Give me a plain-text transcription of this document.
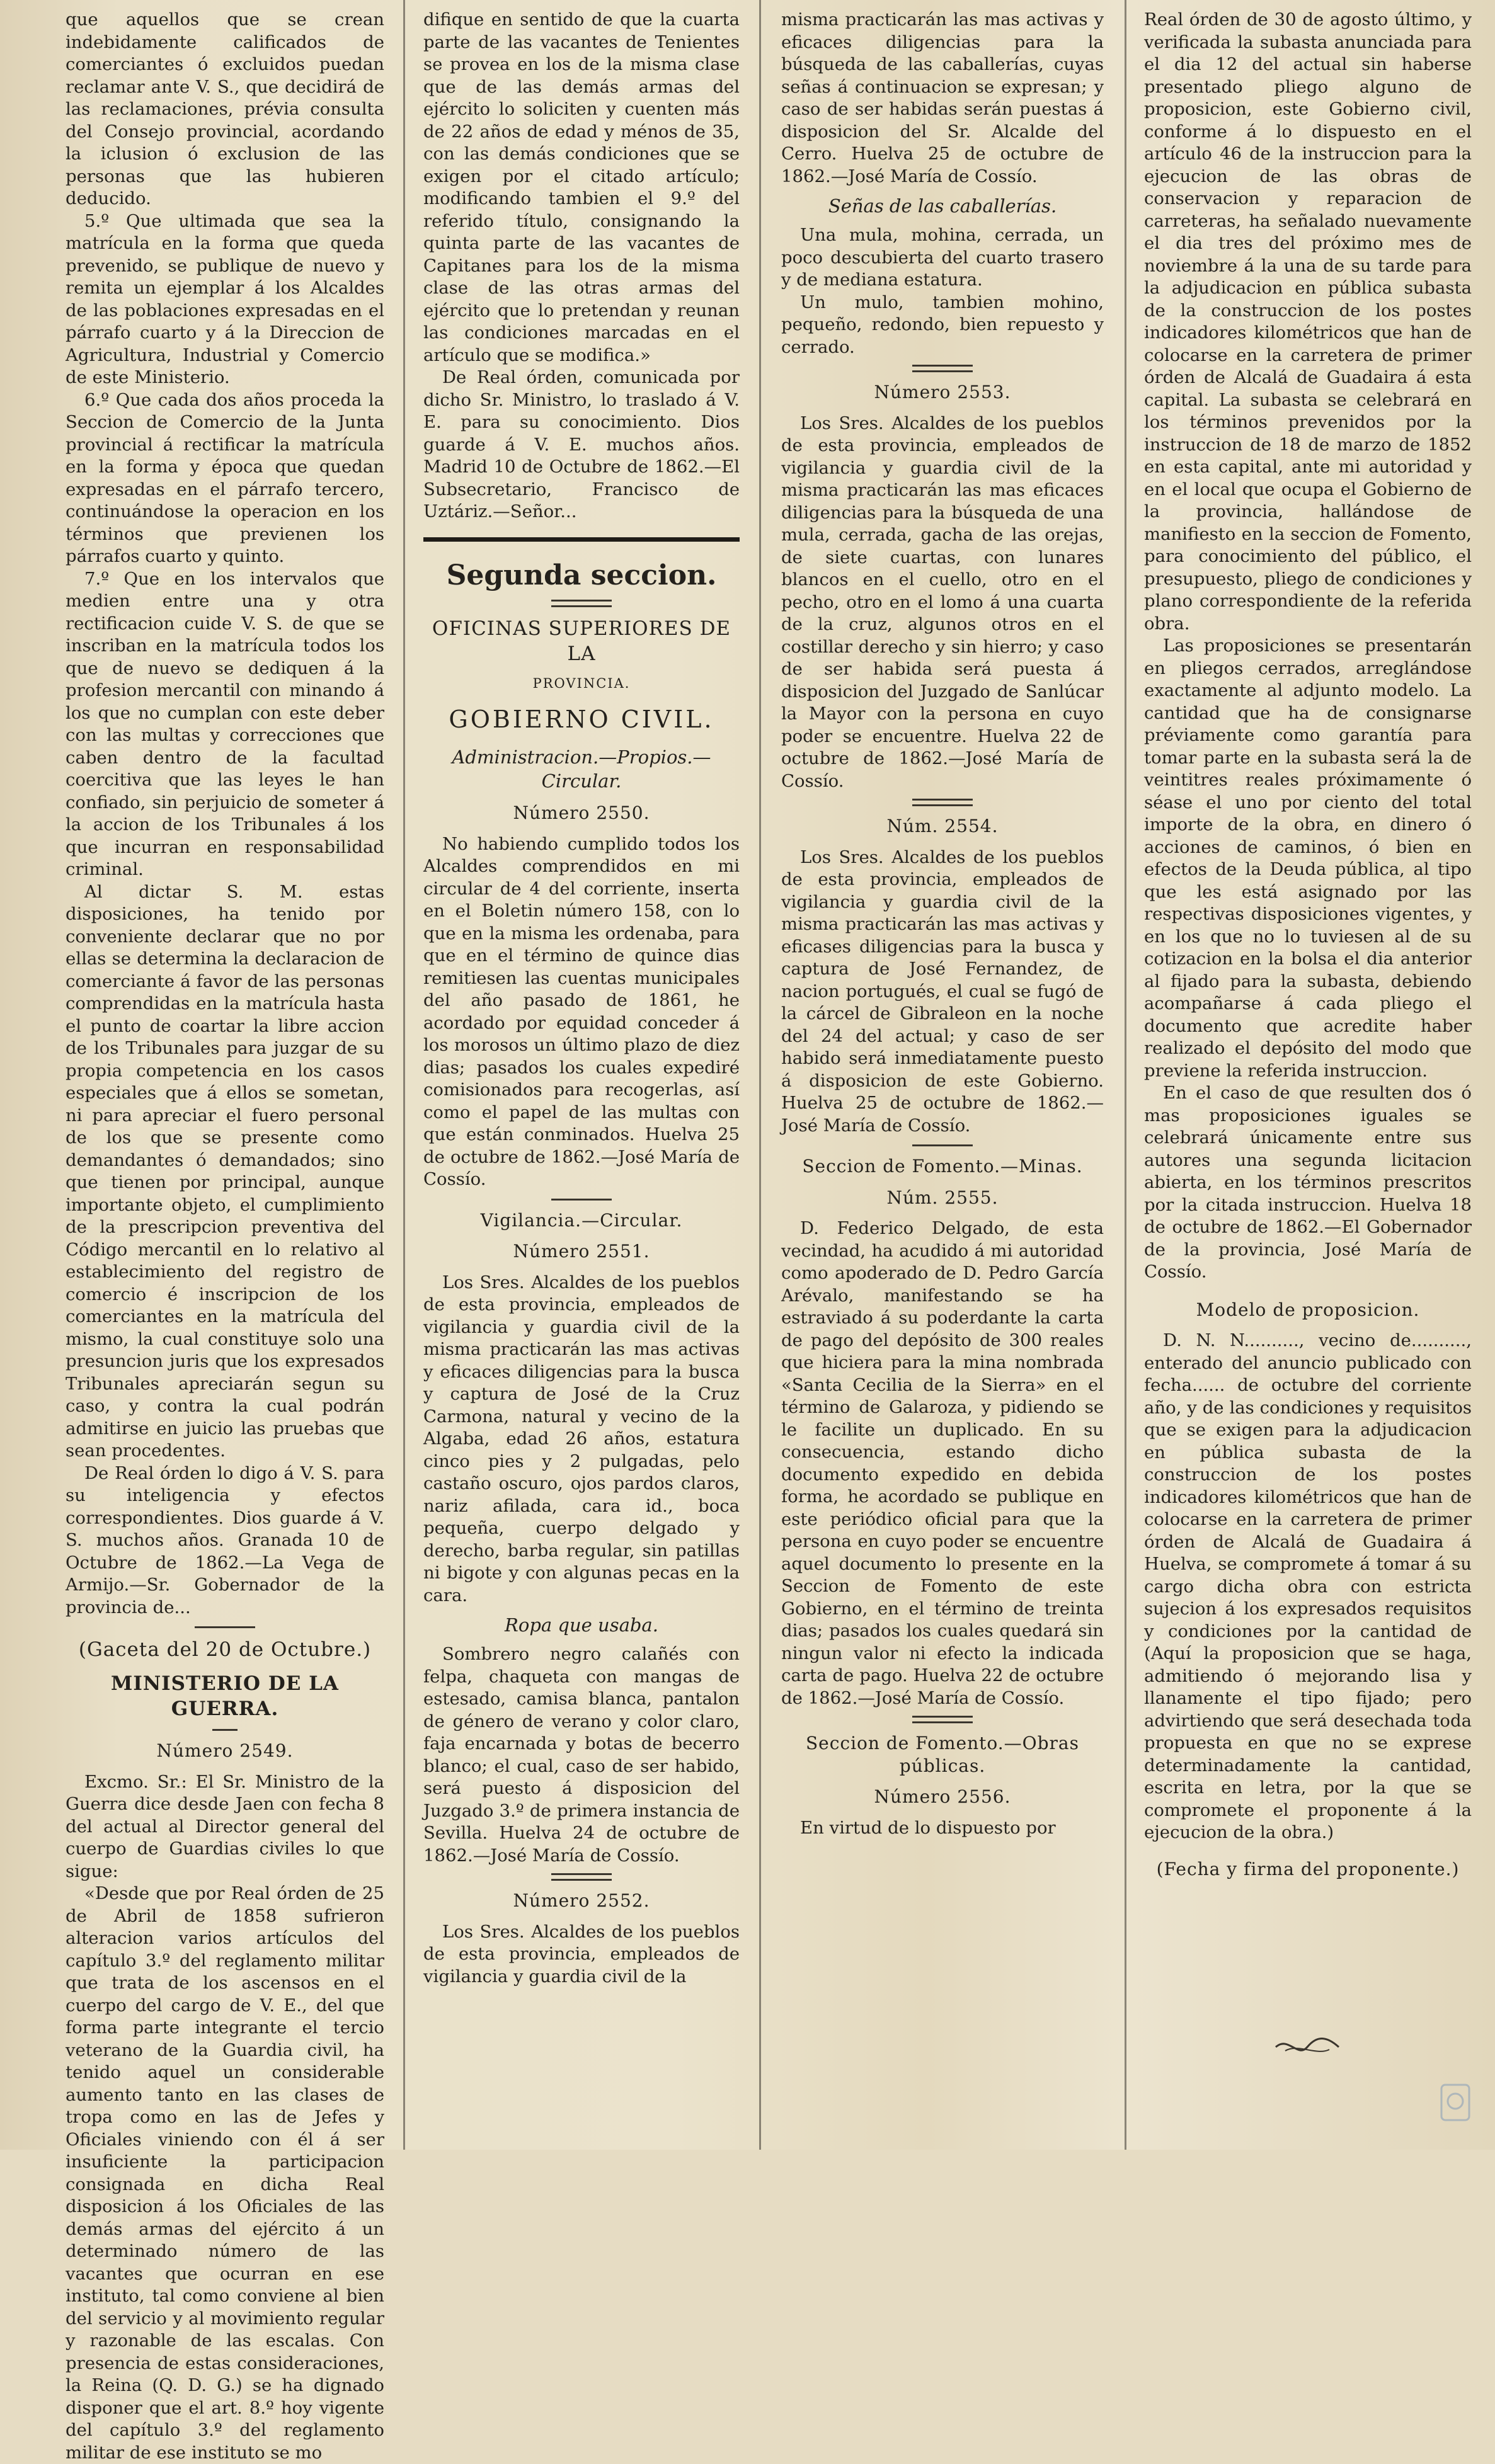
que aquellos que se crean indebidamente calificados de comerciantes ó excluidos puedan reclamar ante V. S., que decidirá de las reclamaciones, prévia consulta del Consejo provincial, acordando la iclusion ó exclusion de las personas que las hubieren deducido.

5.º Que ultimada que sea la matrícula en la forma que queda prevenido, se publique de nuevo y remita un ejemplar á los Alcaldes de las poblaciones expresadas en el párrafo cuarto y á la Direccion de Agricultura, Industrial y Comercio de este Ministerio.

6.º Que cada dos años proceda la Seccion de Comercio de la Junta provincial á rectificar la matrícula en la forma y época que quedan expresadas en el párrafo tercero, continuándose la operacion en los términos que previenen los párrafos cuarto y quinto.

7.º Que en los intervalos que medien entre una y otra rectificacion cuide V. S. de que se inscriban en la matrícula todos los que de nuevo se dediquen á la profesion mercantil con minando á los que no cumplan con este deber con las multas y correcciones que caben dentro de la facultad coercitiva que las leyes le han confiado, sin perjuicio de someter á la accion de los Tribunales á los que incurran en responsabilidad criminal.

Al dictar S. M. estas disposiciones, ha tenido por conveniente declarar que no por ellas se determina la declaracion de comerciante á favor de las personas comprendidas en la matrícula hasta el punto de coartar la libre accion de los Tribunales para juzgar de su propia competencia en los casos especiales que á ellos se sometan, ni para apreciar el fuero personal de los que se presente como demandantes ó demandados; sino que tienen por principal, aunque importante objeto, el cumplimiento de la prescripcion preventiva del Código mercantil en lo relativo al establecimiento del registro de comercio é inscripcion de los comerciantes en la matrícula del mismo, la cual constituye solo una presuncion juris que los expresados Tribunales apreciarán segun su caso, y contra la cual podrán admitirse en juicio las pruebas que sean procedentes.

De Real órden lo digo á V. S. para su inteligencia y efectos correspondientes. Dios guarde á V. S. muchos años. Granada 10 de Octubre de 1862.—La Vega de Armijo.—Sr. Gobernador de la provincia de...

(Gaceta del 20 de Octubre.)

MINISTERIO DE LA GUERRA.

Número 2549.

Excmo. Sr.: El Sr. Ministro de la Guerra dice desde Jaen con fecha 8 del actual al Director general del cuerpo de Guardias civiles lo que sigue:

«Desde que por Real órden de 25 de Abril de 1858 sufrieron alteracion varios artículos del capítulo 3.º del reglamento militar que trata de los ascensos en el cuerpo del cargo de V. E., del que forma parte integrante el tercio veterano de la Guardia civil, ha tenido aquel un considerable aumento tanto en las clases de tropa como en las de Jefes y Oficiales viniendo con él á ser insuficiente la participacion consignada en dicha Real disposicion á los Oficiales de las demás armas del ejército á un determinado número de las vacantes que ocurran en ese instituto, tal como conviene al bien del servicio y al movimiento regular y razonable de las escalas. Con presencia de estas consideraciones, la Reina (Q. D. G.) se ha dignado disponer que el art. 8.º hoy vigente del capítulo 3.º del reglamento militar de ese instituto se mo

difique en sentido de que la cuarta parte de las vacantes de Tenientes se provea en los de la misma clase que de las demás armas del ejército lo soliciten y cuenten más de 22 años de edad y ménos de 35, con las demás condiciones que se exigen por el citado artículo; modificando tambien el 9.º del referido título, consignando la quinta parte de las vacantes de Capitanes para los de la misma clase de las otras armas del ejército que lo pretendan y reunan las condiciones marcadas en el artículo que se modifica.»

De Real órden, comunicada por dicho Sr. Ministro, lo traslado á V. E. para su conocimiento. Dios guarde á V. E. muchos años. Madrid 10 de Octubre de 1862.—El Subsecretario, Francisco de Uztáriz.—Señor...

Segunda seccion.

OFICINAS SUPERIORES DE LA

PROVINCIA.

GOBIERNO CIVIL.

Administracion.—Propios.—Circular.

Número 2550.

No habiendo cumplido todos los Alcaldes comprendidos en mi circular de 4 del corriente, inserta en el Boletin número 158, con lo que en la misma les ordenaba, para que en el término de quince dias remitiesen las cuentas municipales del año pasado de 1861, he acordado por equidad conceder á los morosos un último plazo de diez dias; pasados los cuales expediré comisionados para recogerlas, así como el papel de las multas con que están conminados. Huelva 25 de octubre de 1862.—José María de Cossío.

Vigilancia.—Circular.

Número 2551.

Los Sres. Alcaldes de los pueblos de esta provincia, empleados de vigilancia y guardia civil de la misma practicarán las mas activas y eficaces diligencias para la busca y captura de José de la Cruz Carmona, natural y vecino de la Algaba, edad 26 años, estatura cinco pies y 2 pulgadas, pelo castaño oscuro, ojos pardos claros, nariz afilada, cara id., boca pequeña, cuerpo delgado y derecho, barba regular, sin patillas ni bigote y con algunas pecas en la cara.

Ropa que usaba.

Sombrero negro calañés con felpa, chaqueta con mangas de estesado, camisa blanca, pantalon de género de verano y color claro, faja encarnada y botas de becerro blanco; el cual, caso de ser habido, será puesto á disposicion del Juzgado 3.º de primera instancia de Sevilla. Huelva 24 de octubre de 1862.—José María de Cossío.

Número 2552.

Los Sres. Alcaldes de los pueblos de esta provincia, empleados de vigilancia y guardia civil de la

misma practicarán las mas activas y eficaces diligencias para la búsqueda de las caballerías, cuyas señas á continuacion se expresan; y caso de ser habidas serán puestas á disposicion del Sr. Alcalde del Cerro. Huelva 25 de octubre de 1862.—José María de Cossío.

Señas de las caballerías.

Una mula, mohina, cerrada, un poco descubierta del cuarto trasero y de mediana estatura.

Un mulo, tambien mohino, pequeño, redondo, bien repuesto y cerrado.

Número 2553.

Los Sres. Alcaldes de los pueblos de esta provincia, empleados de vigilancia y guardia civil de la misma practicarán las mas eficaces diligencias para la búsqueda de una mula, cerrada, gacha de las orejas, de siete cuartas, con lunares blancos en el cuello, otro en el pecho, otro en el lomo á una cuarta de la cruz, algunos otros en el costillar derecho y sin hierro; y caso de ser habida será puesta á disposicion del Juzgado de Sanlúcar la Mayor con la persona en cuyo poder se encuentre. Huelva 22 de octubre de 1862.—José María de Cossío.

Núm. 2554.

Los Sres. Alcaldes de los pueblos de esta provincia, empleados de vigilancia y guardia civil de la misma practicarán las mas activas y eficases diligencias para la busca y captura de José Fernandez, de nacion portugués, el cual se fugó de la cárcel de Gibraleon en la noche del 24 del actual; y caso de ser habido será inmediatamente puesto á disposicion de este Gobierno. Huelva 25 de octubre de 1862.—José María de Cossío.

Seccion de Fomento.—Minas.

Núm. 2555.

D. Federico Delgado, de esta vecindad, ha acudido á mi autoridad como apoderado de D. Pedro García Arévalo, manifestando se ha estraviado á su poderdante la carta de pago del depósito de 300 reales que hiciera para la mina nombrada «Santa Cecilia de la Sierra» en el término de Galaroza, y pidiendo se le facilite un duplicado. En su consecuencia, estando dicho documento expedido en debida forma, he acordado se publique en este periódico oficial para que la persona en cuyo poder se encuentre aquel documento lo presente en la Seccion de Fomento de este Gobierno, en el término de treinta dias; pasados los cuales quedará sin ningun valor ni efecto la indicada carta de pago. Huelva 22 de octubre de 1862.—José María de Cossío.

Seccion de Fomento.—Obras públicas.

Número 2556.

En virtud de lo dispuesto por

Real órden de 30 de agosto último, y verificada la subasta anunciada para el dia 12 del actual sin haberse presentado pliego alguno de proposicion, este Gobierno civil, conforme á lo dispuesto en el artículo 46 de la instruccion para la ejecucion de las obras de conservacion y reparacion de carreteras, ha señalado nuevamente el dia tres del próximo mes de noviembre á la una de su tarde para la adjudicacion en pública subasta de la construccion de los postes indicadores kilométricos que han de colocarse en la carretera de primer órden de Alcalá de Guadaira á esta capital. La subasta se celebrará en los términos prevenidos por la instruccion de 18 de marzo de 1852 en esta capital, ante mi autoridad y en el local que ocupa el Gobierno de la provincia, hallándose de manifiesto en la seccion de Fomento, para conocimiento del público, el presupuesto, pliego de condiciones y plano correspondiente de la referida obra.

Las proposiciones se presentarán en pliegos cerrados, arreglándose exactamente al adjunto modelo. La cantidad que ha de consignarse préviamente como garantía para tomar parte en la subasta será la de veintitres reales próximamente ó séase el uno por ciento del total importe de la obra, en dinero ó acciones de caminos, ó bien en efectos de la Deuda pública, al tipo que les está asignado por las respectivas disposiciones vigentes, y en los que no lo tuviesen al de su cotizacion en la bolsa el dia anterior al fijado para la subasta, debiendo acompañarse á cada pliego el documento que acredite haber realizado el depósito del modo que previene la referida instruccion.

En el caso de que resulten dos ó mas proposiciones iguales se celebrará únicamente entre sus autores una segunda licitacion abierta, en los términos prescritos por la citada instruccion. Huelva 18 de octubre de 1862.—El Gobernador de la provincia, José María de Cossío.

Modelo de proposicion.

D. N. N.........., vecino de.........., enterado del anuncio publicado con fecha...... de octubre del corriente año, y de las condiciones y requisitos que se exigen para la adjudicacion en pública subasta de la construccion de los postes indicadores kilométricos que han de colocarse en la carretera de primer órden de Alcalá de Guadaira á Huelva, se compromete á tomar á su cargo dicha obra con estricta sujecion á los expresados requisitos y condiciones por la cantidad de (Aquí la proposicion que se haga, admitiendo ó mejorando lisa y llanamente el tipo fijado; pero advirtiendo que será desechada toda propuesta en que no se exprese determinadamente la cantidad, escrita en letra, por la que se compromete el proponente á la ejecucion de la obra.)

(Fecha y firma del proponente.)
